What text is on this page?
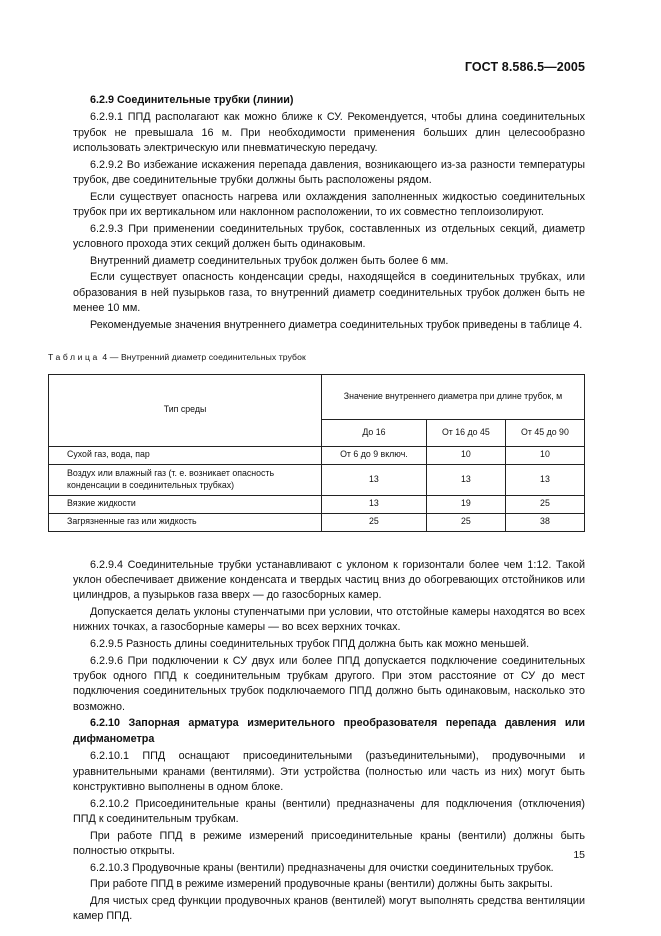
ГОСТ 8.586.5—2005
6.2.9 Соединительные трубки (линии)
6.2.9.1 ППД располагают как можно ближе к СУ. Рекомендуется, чтобы длина соединительных трубок не превышала 16 м. При необходимости применения больших длин целесообразно использовать электрическую или пневматическую передачу.
6.2.9.2 Во избежание искажения перепада давления, возникающего из-за разности температуры трубок, две соединительные трубки должны быть расположены рядом.
Если существует опасность нагрева или охлаждения заполненных жидкостью соединительных трубок при их вертикальном или наклонном расположении, то их совместно теплоизолируют.
6.2.9.3 При применении соединительных трубок, составленных из отдельных секций, диаметр условного прохода этих секций должен быть одинаковым.
Внутренний диаметр соединительных трубок должен быть более 6 мм.
Если существует опасность конденсации среды, находящейся в соединительных трубках, или образования в ней пузырьков газа, то внутренний диаметр соединительных трубок должен быть не менее 10 мм.
Рекомендуемые значения внутреннего диаметра соединительных трубок приведены в таблице 4.
Таблица 4 — Внутренний диаметр соединительных трубок
Тип среды	Значение внутреннего диаметра при длине трубок, м		
	До 16	От 16 до 45	От 45 до 90
Сухой газ, вода, пар	От 6 до 9 включ.	10	10
Воздух или влажный газ (т. е. возникает опасность конденсации в соединительных трубках)	13	13	13
Вязкие жидкости	13	19	25
Загрязненные газ или жидкость	25	25	38
6.2.9.4 Соединительные трубки устанавливают с уклоном к горизонтали более чем 1:12. Такой уклон обеспечивает движение конденсата и твердых частиц вниз до обогревающих отстойников или цилиндров, а пузырьков газа вверх — до газосборных камер.
Допускается делать уклоны ступенчатыми при условии, что отстойные камеры находятся во всех нижних точках, а газосборные камеры — во всех верхних точках.
6.2.9.5 Разность длины соединительных трубок ППД должна быть как можно меньшей.
6.2.9.6 При подключении к СУ двух или более ППД допускается подключение соединительных трубок одного ППД к соединительным трубкам другого. При этом расстояние от СУ до мест подключения соединительных трубок подключаемого ППД должно быть одинаковым, насколько это возможно.
6.2.10 Запорная арматура измерительного преобразователя перепада давления или дифманометра
6.2.10.1 ППД оснащают присоединительными (разъединительными), продувочными и уравнительными кранами (вентилями). Эти устройства (полностью или часть из них) могут быть конструктивно выполнены в одном блоке.
6.2.10.2 Присоединительные краны (вентили) предназначены для подключения (отключения) ППД к соединительным трубкам.
При работе ППД в режиме измерений присоединительные краны (вентили) должны быть полностью открыты.
6.2.10.3 Продувочные краны (вентили) предназначены для очистки соединительных трубок.
При работе ППД в режиме измерений продувочные краны (вентили) должны быть закрыты.
Для чистых сред функции продувочных кранов (вентилей) могут выполнять средства вентиляции камер ППД.
15
